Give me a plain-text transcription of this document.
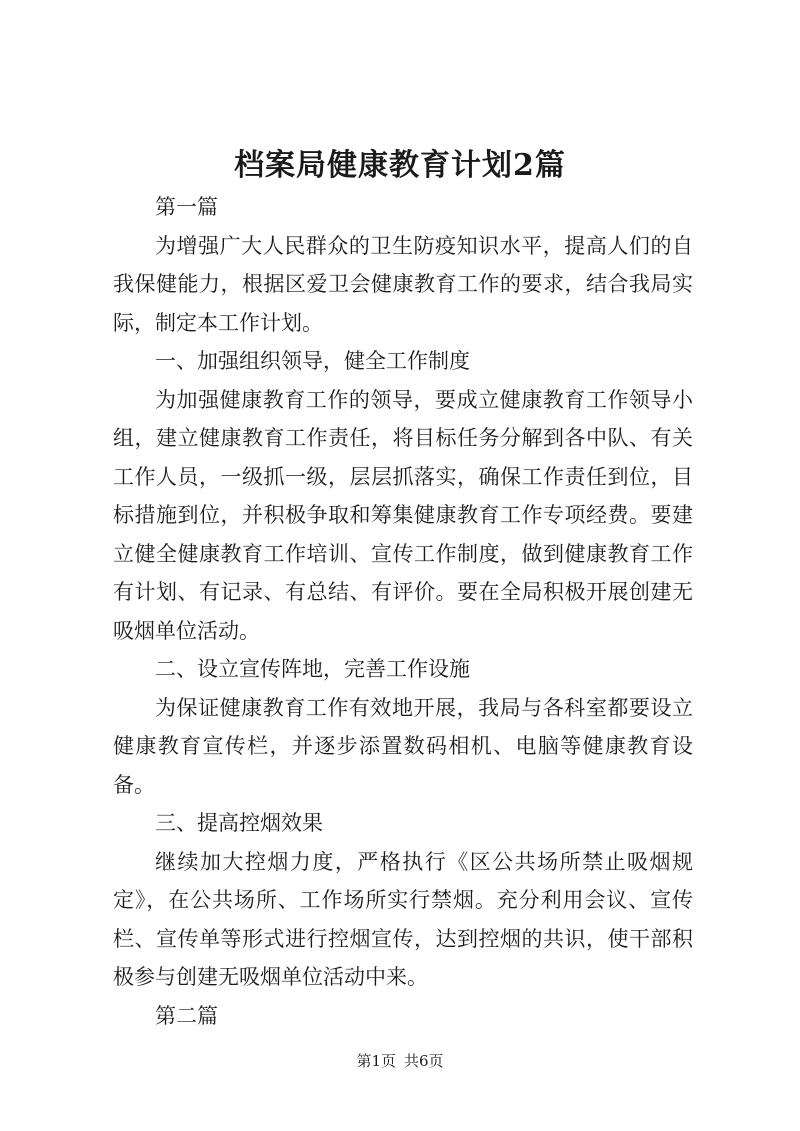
档案局健康教育计划2篇

第一篇

为增强广大人民群众的卫生防疫知识水平，提高人们的自我保健能力，根据区爱卫会健康教育工作的要求，结合我局实际，制定本工作计划。

一、加强组织领导，健全工作制度

为加强健康教育工作的领导，要成立健康教育工作领导小组，建立健康教育工作责任，将目标任务分解到各中队、有关工作人员，一级抓一级，层层抓落实，确保工作责任到位，目标措施到位，并积极争取和筹集健康教育工作专项经费。要建立健全健康教育工作培训、宣传工作制度，做到健康教育工作有计划、有记录、有总结、有评价。要在全局积极开展创建无吸烟单位活动。

二、设立宣传阵地，完善工作设施

为保证健康教育工作有效地开展，我局与各科室都要设立健康教育宣传栏，并逐步添置数码相机、电脑等健康教育设备。

三、提高控烟效果

继续加大控烟力度，严格执行《区公共场所禁止吸烟规定》，在公共场所、工作场所实行禁烟。充分利用会议、宣传栏、宣传单等形式进行控烟宣传，达到控烟的共识，使干部积极参与创建无吸烟单位活动中来。

第二篇

第1页 共6页
